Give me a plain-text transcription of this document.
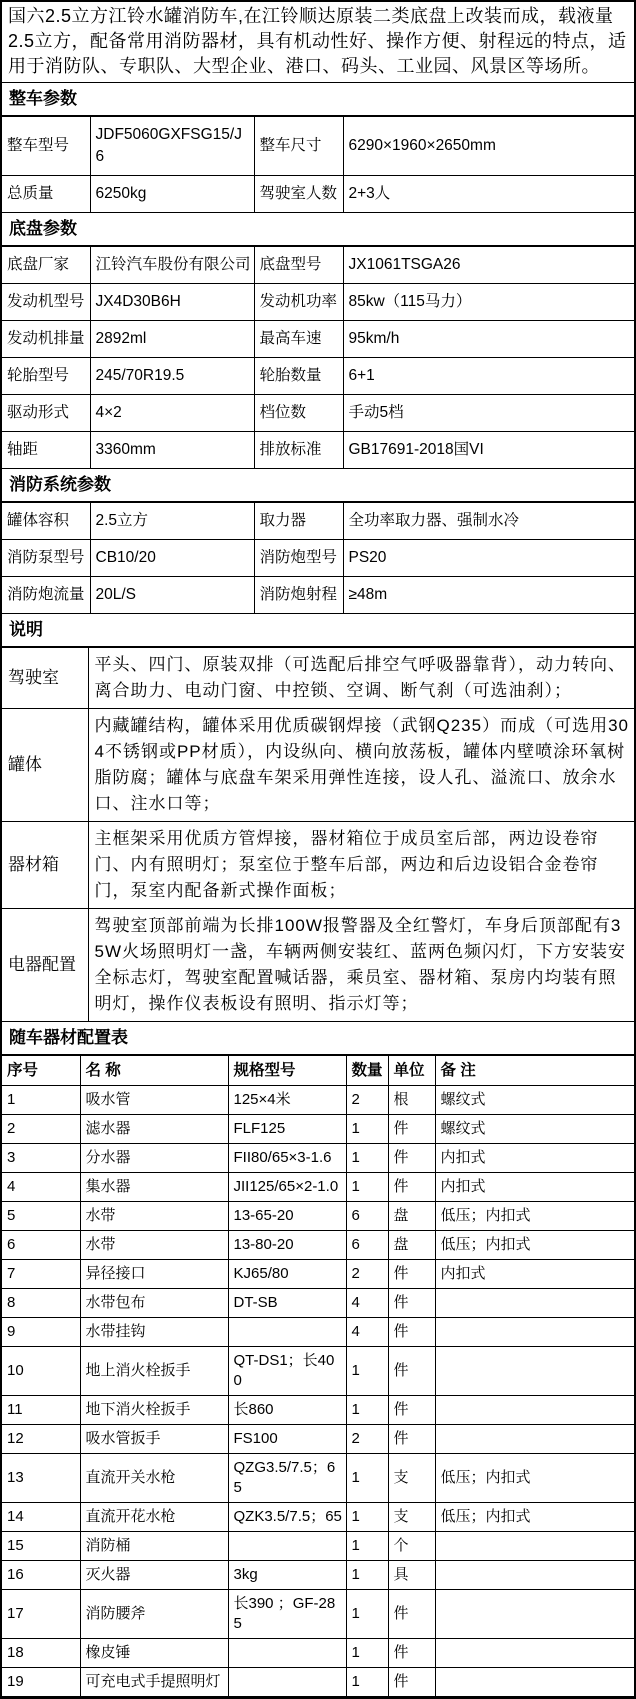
国六2.5立方江铃水罐消防车,在江铃顺达原装二类底盘上改装而成，载液量2.5立方，配备常用消防器材，具有机动性好、操作方便、射程远的特点，适用于消防队、专职队、大型企业、港口、码头、工业园、风景区等场所。
整车参数
整车型号	JDF5060GXFSG15/J6	整车尺寸	6290×1960×2650mm
总质量	6250kg	驾驶室人数	2+3人
底盘参数
底盘厂家	江铃汽车股份有限公司	底盘型号	JX1061TSGA26
发动机型号	JX4D30B6H	发动机功率	85kw（115马力）
发动机排量	2892ml	最高车速	95km/h
轮胎型号	245/70R19.5	轮胎数量	6+1
驱动形式	4×2	档位数	手动5档
轴距	3360mm	排放标准	GB17691-2018国VI
消防系统参数
罐体容积	2.5立方	取力器	全功率取力器、强制水冷
消防泵型号	CB10/20	消防炮型号	PS20
消防炮流量	20L/S	消防炮射程	≥48m
说明
驾驶室	平头、四门、原装双排（可选配后排空气呼吸器靠背），动力转向、离合助力、电动门窗、中控锁、空调、断气刹（可选油刹）；
罐体	内藏罐结构，罐体采用优质碳钢焊接（武钢Q235）而成（可选用304不锈钢或PP材质），内设纵向、横向放荡板，罐体内壁喷涂环氧树脂防腐；罐体与底盘车架采用弹性连接，设人孔、溢流口、放余水口、注水口等；
器材箱	主框架采用优质方管焊接，器材箱位于成员室后部，两边设卷帘门、内有照明灯；泵室位于整车后部，两边和后边设铝合金卷帘门，泵室内配备新式操作面板；
电器配置	驾驶室顶部前端为长排100W报警器及全红警灯，车身后顶部配有35W火场照明灯一盏，车辆两侧安装红、蓝两色频闪灯，下方安装安全标志灯，驾驶室配置喊话器，乘员室、器材箱、泵房内均装有照明灯，操作仪表板设有照明、指示灯等；
随车器材配置表
序号	名 称	规格型号	数量	单位	备 注
1	吸水管	125×4米	2	根	螺纹式
2	滤水器	FLF125	1	件	螺纹式
3	分水器	FII80/65×3-1.6	1	件	内扣式
4	集水器	JII125/65×2-1.0	1	件	内扣式
5	水带	13-65-20	6	盘	低压；内扣式
6	水带	13-80-20	6	盘	低压；内扣式
7	异径接口	KJ65/80	2	件	内扣式
8	水带包布	DT-SB	4	件	
9	水带挂钩		4	件	
10	地上消火栓扳手	QT-DS1；长400	1	件	
11	地下消火栓扳手	长860	1	件	
12	吸水管扳手	FS100	2	件	
13	直流开关水枪	QZG3.5/7.5；65	1	支	低压；内扣式
14	直流开花水枪	QZK3.5/7.5；65	1	支	低压；内扣式
15	消防桶		1	个	
16	灭火器	3kg	1	具	
17	消防腰斧	长390 ；GF-285	1	件	
18	橡皮锤		1	件	
19	可充电式手提照明灯		1	件	
